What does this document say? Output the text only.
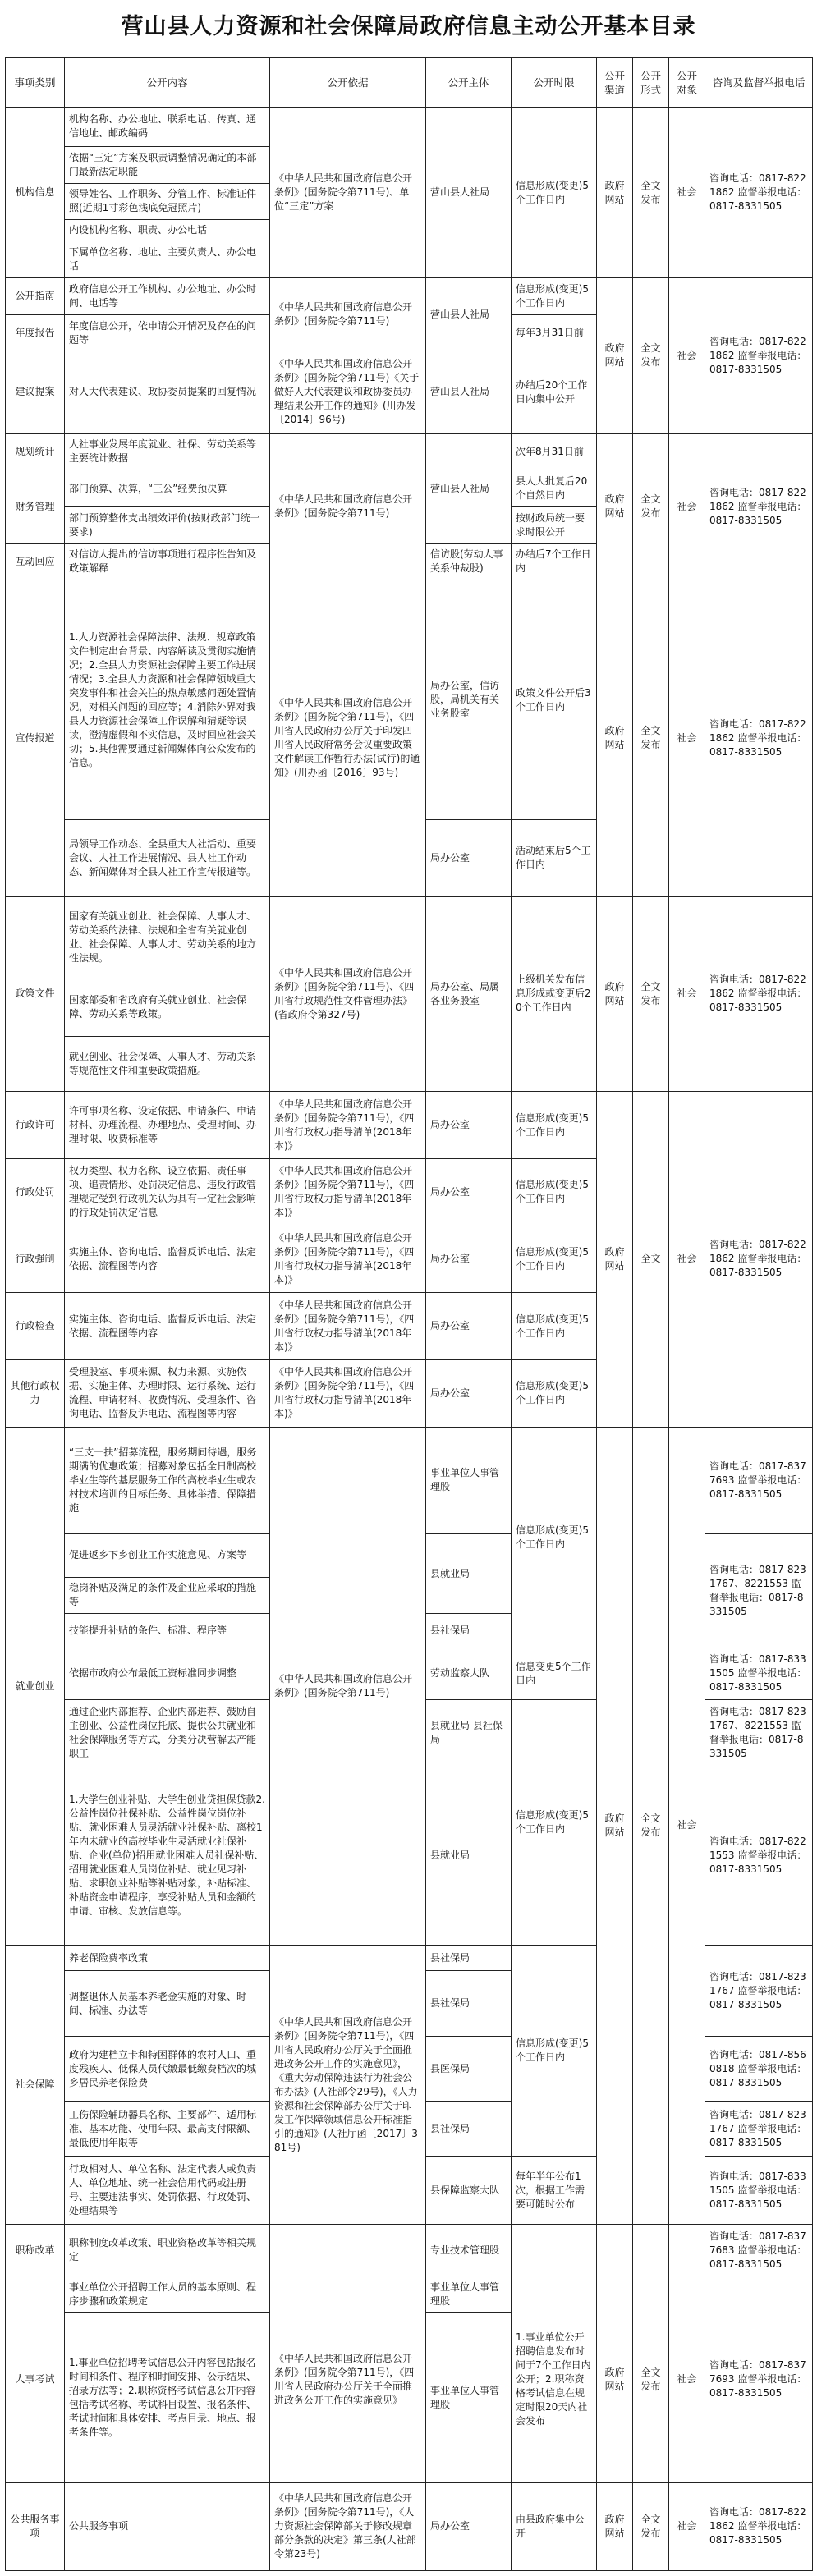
营山县人力资源和社会保障局政府信息主动公开基本目录
事项类别	公开内容	公开依据	公开主体	公开时限	公开渠道	公开形式	公开对象	咨询及监督举报电话
机构信息	机构名称、办公地址、联系电话、传真、通信地址、邮政编码	《中华人民共和国政府信息公开条例》(国务院令第711号)、单位“三定”方案	营山县人社局	信息形成(变更)5个工作日内	政府网站	全文发布	社会	咨询电话：0817-8221862 监督举报电话：0817-8331505
	依据“三定”方案及职责调整情况确定的本部门最新法定职能							
	领导姓名、工作职务、分管工作、标准证件照(近期1寸彩色浅底免冠照片)							
	内设机构名称、职责、办公电话							
	下属单位名称、地址、主要负责人、办公电话							
公开指南	政府信息公开工作机构、办公地址、办公时间、电话等	《中华人民共和国政府信息公开条例》(国务院令第711号)	营山县人社局	信息形成(变更)5个工作日内	政府网站	全文发布	社会	咨询电话：0817-8221862 监督举报电话：0817-8331505
年度报告	年度信息公开，依申请公开情况及存在的问题等			每年3月31日前				
建议提案	对人大代表建议、政协委员提案的回复情况	《中华人民共和国政府信息公开条例》(国务院令第711号)《关于做好人大代表建议和政协委员办理结果公开工作的通知》(川办发〔2014〕96号)	营山县人社局	办结后20个工作日内集中公开				
规划统计	人社事业发展年度就业、社保、劳动关系等主要统计数据	《中华人民共和国政府信息公开条例》(国务院令第711号)	营山县人社局	次年8月31日前	政府网站	全文发布	社会	咨询电话：0817-8221862 监督举报电话：0817-8331505
财务管理	部门预算、决算，“三公”经费预决算			县人大批复后20个自然日内				
	部门预算整体支出绩效评价(按财政部门统一要求)			按财政局统一要求时限公开				
互动回应	对信访人提出的信访事项进行程序性告知及政策解释		信访股(劳动人事关系仲裁股)	办结后7个工作日内				
宣传报道	1.人力资源社会保障法律、法规、规章政策文件制定出台背景、内容解读及贯彻实施情况；2.全县人力资源社会保障主要工作进展情况；3.全县人力资源和社会保障领域重大突发事件和社会关注的热点敏感问题处置情况，对相关问题的回应等；4.消除外界对我县人力资源社会保障工作误解和猜疑等误读，澄清虚假和不实信息，及时回应社会关切；5.其他需要通过新闻媒体向公众发布的信息。	《中华人民共和国政府信息公开条例》(国务院令第711号)，《四川省人民政府办公厅关于印发四川省人民政府常务会议重要政策文件解读工作暂行办法(试行)的通知》(川办函〔2016〕93号)	局办公室，信访股，局机关有关业务股室	政策文件公开后3个工作日内	政府网站	全文发布	社会	咨询电话：0817-8221862 监督举报电话：0817-8331505
	局领导工作动态、全县重大人社活动、重要会议、人社工作进展情况、县人社工作动态、新闻媒体对全县人社工作宣传报道等。		局办公室	活动结束后5个工作日内				
政策文件	国家有关就业创业、社会保障、人事人才、劳动关系的法律、法规和全省有关就业创业、社会保障、人事人才、劳动关系的地方性法规。	《中华人民共和国政府信息公开条例》(国务院令第711号)、《四川省行政规范性文件管理办法》(省政府令第327号)	局办公室、局属各业务股室	上级机关发布信息形成或变更后20个工作日内	政府网站	全文发布	社会	咨询电话：0817-8221862 监督举报电话：0817-8331505
	国家部委和省政府有关就业创业、社会保障、劳动关系等政策。							
	就业创业、社会保障、人事人才、劳动关系等规范性文件和重要政策措施。							
行政许可	许可事项名称、设定依据、申请条件、申请材料、办理流程、办理地点、受理时间、办理时限、收费标准等	《中华人民共和国政府信息公开条例》(国务院令第711号)，《四川省行政权力指导清单(2018年本)》	局办公室	信息形成(变更)5个工作日内	政府网站	全文	社会	咨询电话：0817-8221862 监督举报电话：0817-8331505
行政处罚	权力类型、权力名称、设立依据、责任事项、追责情形、处罚决定信息、违反行政管理规定受到行政机关认为具有一定社会影响的行政处罚决定信息	《中华人民共和国政府信息公开条例》(国务院令第711号)，《四川省行政权力指导清单(2018年本)》	局办公室	信息形成(变更)5个工作日内				
行政强制	实施主体、咨询电话、监督反诉电话、法定依据、流程图等内容	《中华人民共和国政府信息公开条例》(国务院令第711号)，《四川省行政权力指导清单(2018年本)》	局办公室	信息形成(变更)5个工作日内				
行政检查	实施主体、咨询电话、监督反诉电话、法定依据、流程图等内容	《中华人民共和国政府信息公开条例》(国务院令第711号)，《四川省行政权力指导清单(2018年本)》	局办公室	信息形成(变更)5个工作日内				
其他行政权力	受理股室、事项来源、权力来源、实施依据、实施主体、办理时限、运行系统、运行流程、申请材料、收费情况、受理条件、咨询电话、监督反诉电话、流程图等内容	《中华人民共和国政府信息公开条例》(国务院令第711号)，《四川省行政权力指导清单(2018年本)》	局办公室	信息形成(变更)5个工作日内				
就业创业	“三支一扶”招募流程，服务期间待遇，服务期满的优惠政策；招募对象包括全日制高校毕业生等的基层服务工作的高校毕业生或农村技术培训的目标任务、具体举措、保障措施	《中华人民共和国政府信息公开条例》(国务院令第711号)	事业单位人事管理股	信息形成(变更)5个工作日内	政府网站	全文发布	社会	咨询电话：0817-8377693 监督举报电话：0817-8331505
	促进返乡下乡创业工作实施意见、方案等		县就业局					咨询电话：0817-8231767、8221553 监督举报电话：0817-8331505
	稳岗补贴及满足的条件及企业应采取的措施等							
	技能提升补贴的条件、标准、程序等		县社保局					
	依据市政府公布最低工资标准同步调整		劳动监察大队	信息变更5个工作日内				咨询电话：0817-8331505 监督举报电话：0817-8331505
	通过企业内部推荐、企业内部进荐、鼓励自主创业、公益性岗位托底、提供公共就业和社会保障服务等方式，分类分决营解去产能职工		县就业局 县社保局	信息形成(变更)5个工作日内				咨询电话：0817-8231767、8221553 监督举报电话：0817-8331505
	1.大学生创业补贴、大学生创业贷担保贷款2.公益性岗位社保补贴、公益性岗位岗位补贴、就业困难人员灵活就业社保补贴、离校1年内未就业的高校毕业生灵活就业社保补贴、企业(单位)招用就业困难人员社保补贴、招用就业困难人员岗位补贴、就业见习补贴、求职创业补贴等补贴对象，补贴标准、补贴资金申请程序，享受补贴人员和金额的申请、审核、发放信息等。		县就业局					咨询电话：0817-8221553 监督举报电话：0817-8331505
社会保障	养老保险费率政策	《中华人民共和国政府信息公开条例》(国务院令第711号)，《四川省人民政府办公厅关于全面推进政务公开工作的实施意见》，《重大劳动保障违法行为社会公布办法》(人社部令29号)，《人力资源和社会保障部办公厅关于印发工作保障领域信息公开标准指引的通知》(人社厅函〔2017〕381号)	县社保局	信息形成(变更)5个工作日内				咨询电话：0817-8231767 监督举报电话：0817-8331505
	调整退休人员基本养老金实施的对象、时间、标准、办法等		县社保局					
	政府为建档立卡和特困群体的农村人口、重度残疾人、低保人员代缴最低缴费档次的城乡居民养老保险费		县医保局					咨询电话：0817-8560818 监督举报电话：0817-8331505
	工伤保险辅助器具名称、主要部件、适用标准、基本功能、使用年限、最高支付限额、最低使用年限等		县社保局					咨询电话：0817-8231767 监督举报电话：0817-8331505
	行政相对人、单位名称、法定代表人或负责人、单位地址、统一社会信用代码或注册号、主要违法事实、处罚依据、行政处罚、处理结果等		县保障监察大队	每年半年公布1次，根据工作需要可随时公布				咨询电话：0817-8331505 监督举报电话：0817-8331505
职称改革	职称制度改革政策、职业资格改革等相关规定		专业技术管理股					咨询电话：0817-8377683 监督举报电话：0817-8331505
人事考试	事业单位公开招聘工作人员的基本原则、程序步骤和政策规定	《中华人民共和国政府信息公开条例》(国务院令第711号)，《四川省人民政府办公厅关于全面推进政务公开工作的实施意见》	事业单位人事管理股	1.事业单位公开招聘信息发布时间于7个工作日内公开；2.职称资格考试信息在规定时限20天内社会发布	政府网站	全文发布	社会	咨询电话：0817-8377693 监督举报电话：0817-8331505
	1.事业单位招聘考试信息公开内容包括报名时间和条件、程序和时间安排、公示结果、招录方法等；2.职称资格考试信息公开内容包括考试名称、考试科目设置、报名条件、考试时间和具体安排、考点目录、地点、报考条件等。		事业单位人事管理股					
公共服务事项	公共服务事项	《中华人民共和国政府信息公开条例》(国务院令第711号)，《人力资源社会保障部关于修改规章部分条款的决定》第三条(人社部令第23号)	局办公室	由县政府集中公开	政府网站	全文发布	社会	咨询电话：0817-8221862 监督举报电话：0817-8331505
